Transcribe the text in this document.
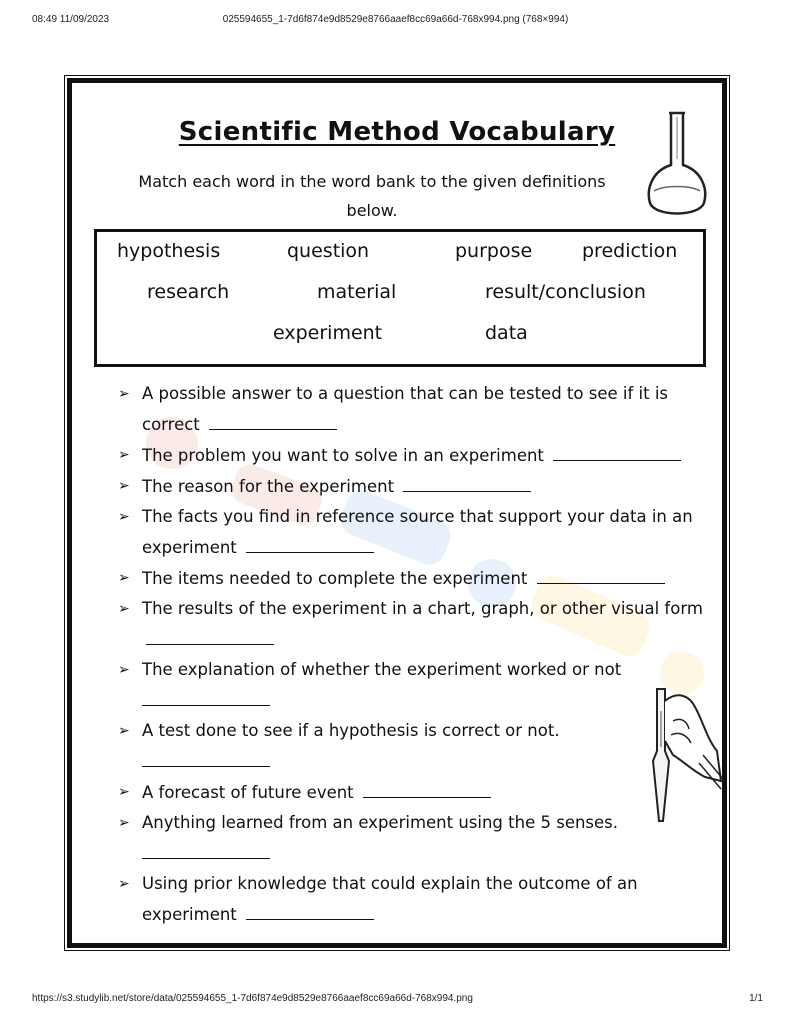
08:49 11/09/2023	025594655_1-7d6f874e9d8529e8766aaef8cc69a66d-768x994.png (768×994)
Scientific Method Vocabulary
Match each word in the word bank to the given definitions below.
hypothesis	question	purpose	prediction
research	material	result/conclusion
experiment	data
➢ A possible answer to a question that can be tested to see if it is correct
➢ The problem you want to solve in an experiment
➢ The reason for the experiment
➢ The facts you find in reference source that support your data in an experiment
➢ The items needed to complete the experiment
➢ The results of the experiment in a chart, graph, or other visual form
➢ The explanation of whether the experiment worked or not

➢ A test done to see if a hypothesis is correct or not.

➢ A forecast of future event
➢ Anything learned from an experiment using the 5 senses.

➢ Using prior knowledge that could explain the outcome of an experiment
https://s3.studylib.net/store/data/025594655_1-7d6f874e9d8529e8766aaef8cc69a66d-768x994.png	1/1
